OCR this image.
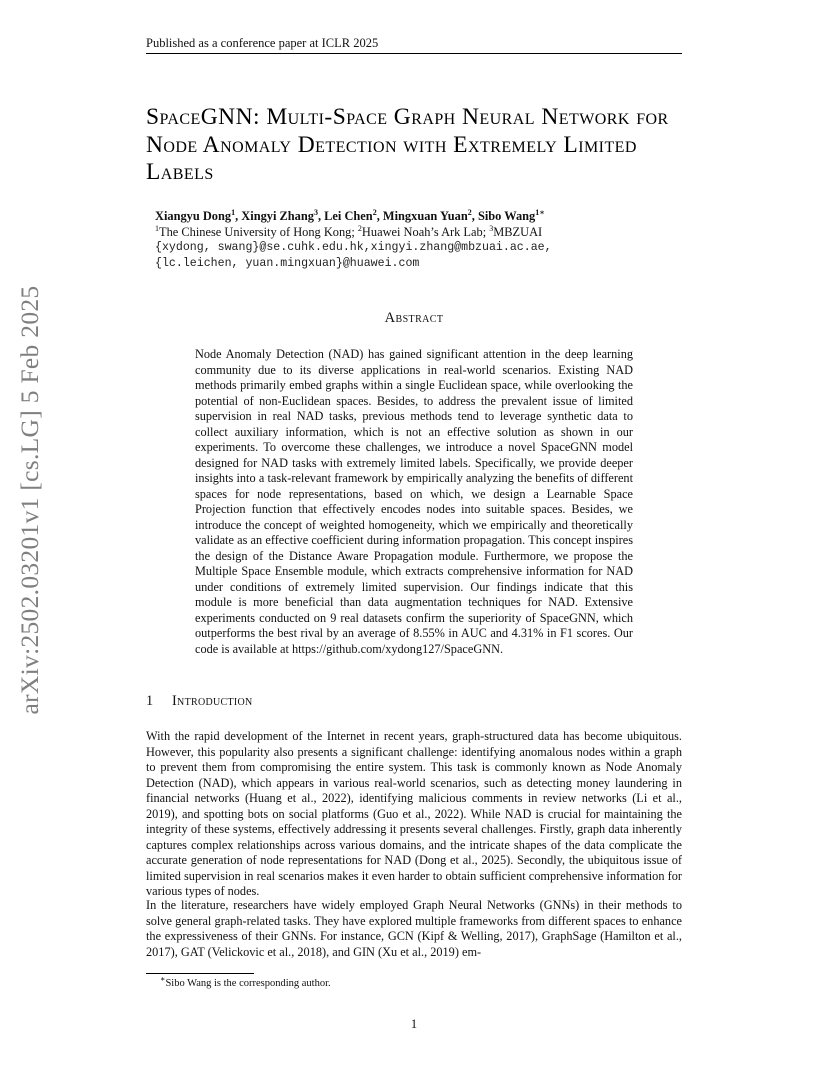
Published as a conference paper at ICLR 2025
arXiv:2502.03201v1 [cs.LG] 5 Feb 2025
SpaceGNN: Multi-Space Graph Neural Network for Node Anomaly Detection with Extremely Limited Labels
Xiangyu Dong$^1$, Xingyi Zhang$^3$, Lei Chen$^2$, Mingxuan Yuan$^2$, Sibo Wang$^{1∗}$
$^1$The Chinese University of Hong Kong; $^2$Huawei Noah’s Ark Lab; $^3$MBZUAI
{xydong, swang}@se.cuhk.edu.hk,xingyi.zhang@mbzuai.ac.ae,
{lc.leichen, yuan.mingxuan}@huawei.com
Abstract
Node Anomaly Detection (NAD) has gained significant attention in the deep learning community due to its diverse applications in real-world scenarios. Existing NAD methods primarily embed graphs within a single Euclidean space, while overlooking the potential of non-Euclidean spaces. Besides, to address the prevalent issue of limited supervision in real NAD tasks, previous methods tend to leverage synthetic data to collect auxiliary information, which is not an effective solution as shown in our experiments. To overcome these challenges, we introduce a novel SpaceGNN model designed for NAD tasks with extremely limited labels. Specifically, we provide deeper insights into a task-relevant framework by empirically analyzing the benefits of different spaces for node representations, based on which, we design a Learnable Space Projection function that effectively encodes nodes into suitable spaces. Besides, we introduce the concept of weighted homogeneity, which we empirically and theoretically validate as an effective coefficient during information propagation. This concept inspires the design of the Distance Aware Propagation module. Furthermore, we propose the Multiple Space Ensemble module, which extracts comprehensive information for NAD under conditions of extremely limited supervision. Our findings indicate that this module is more beneficial than data augmentation techniques for NAD. Extensive experiments conducted on 9 real datasets confirm the superiority of SpaceGNN, which outperforms the best rival by an average of 8.55% in AUC and 4.31% in F1 scores. Our code is available at https://github.com/xydong127/SpaceGNN.
1 Introduction
With the rapid development of the Internet in recent years, graph-structured data has become ubiquitous. However, this popularity also presents a significant challenge: identifying anomalous nodes within a graph to prevent them from compromising the entire system. This task is commonly known as Node Anomaly Detection (NAD), which appears in various real-world scenarios, such as detecting money laundering in financial networks (Huang et al., 2022), identifying malicious comments in review networks (Li et al., 2019), and spotting bots on social platforms (Guo et al., 2022). While NAD is crucial for maintaining the integrity of these systems, effectively addressing it presents several challenges. Firstly, graph data inherently captures complex relationships across various domains, and the intricate shapes of the data complicate the accurate generation of node representations for NAD (Dong et al., 2025). Secondly, the ubiquitous issue of limited supervision in real scenarios makes it even harder to obtain sufficient comprehensive information for various types of nodes.
In the literature, researchers have widely employed Graph Neural Networks (GNNs) in their methods to solve general graph-related tasks. They have explored multiple frameworks from different spaces to enhance the expressiveness of their GNNs. For instance, GCN (Kipf & Welling, 2017), GraphSage (Hamilton et al., 2017), GAT (Velickovic et al., 2018), and GIN (Xu et al., 2019) em-
∗Sibo Wang is the corresponding author.
1
